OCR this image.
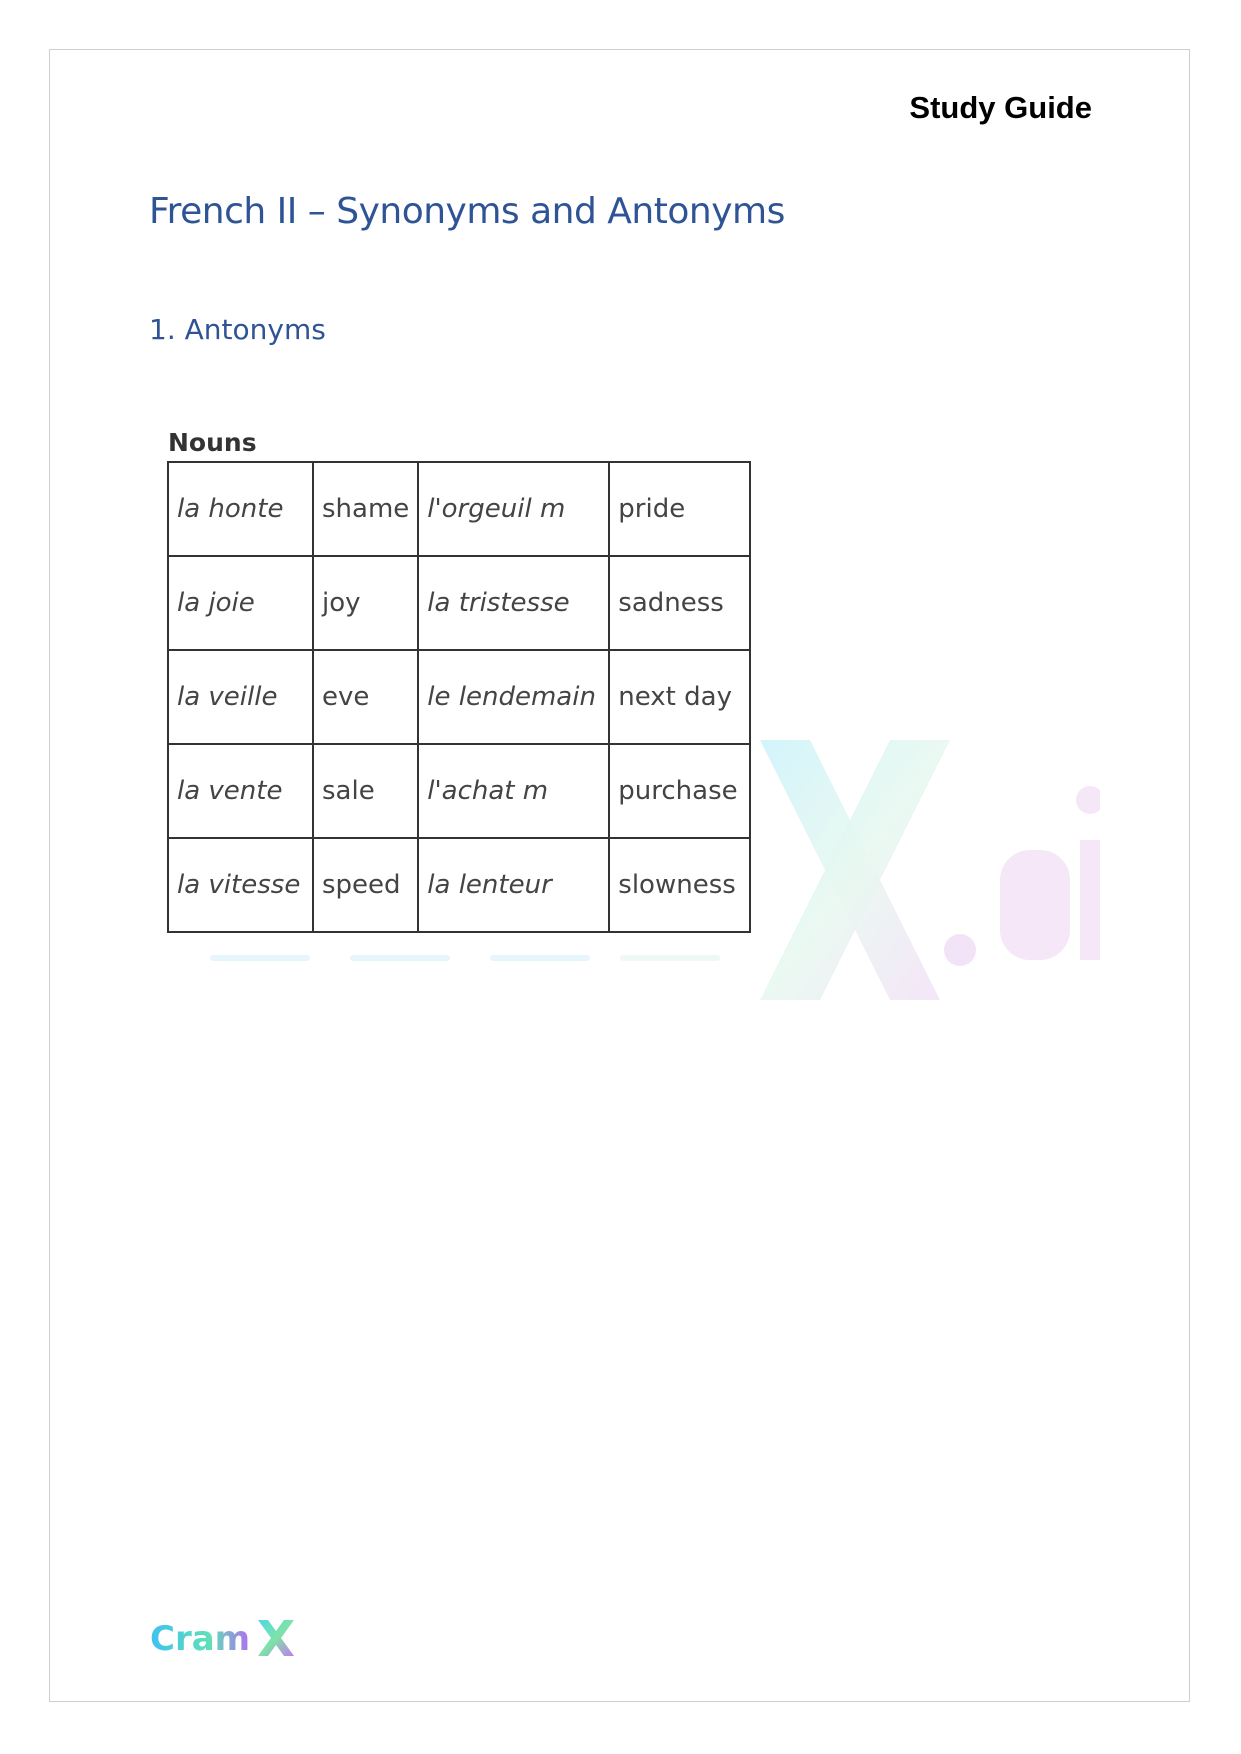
Study Guide
French II – Synonyms and Antonyms
1. Antonyms
Nouns
la honte	shame	l'orgeuil m	pride
la joie	joy	la tristesse	sadness
la veille	eve	le lendemain	next day
la vente	sale	l'achat m	purchase
la vitesse	speed	la lenteur	slowness
Cram
